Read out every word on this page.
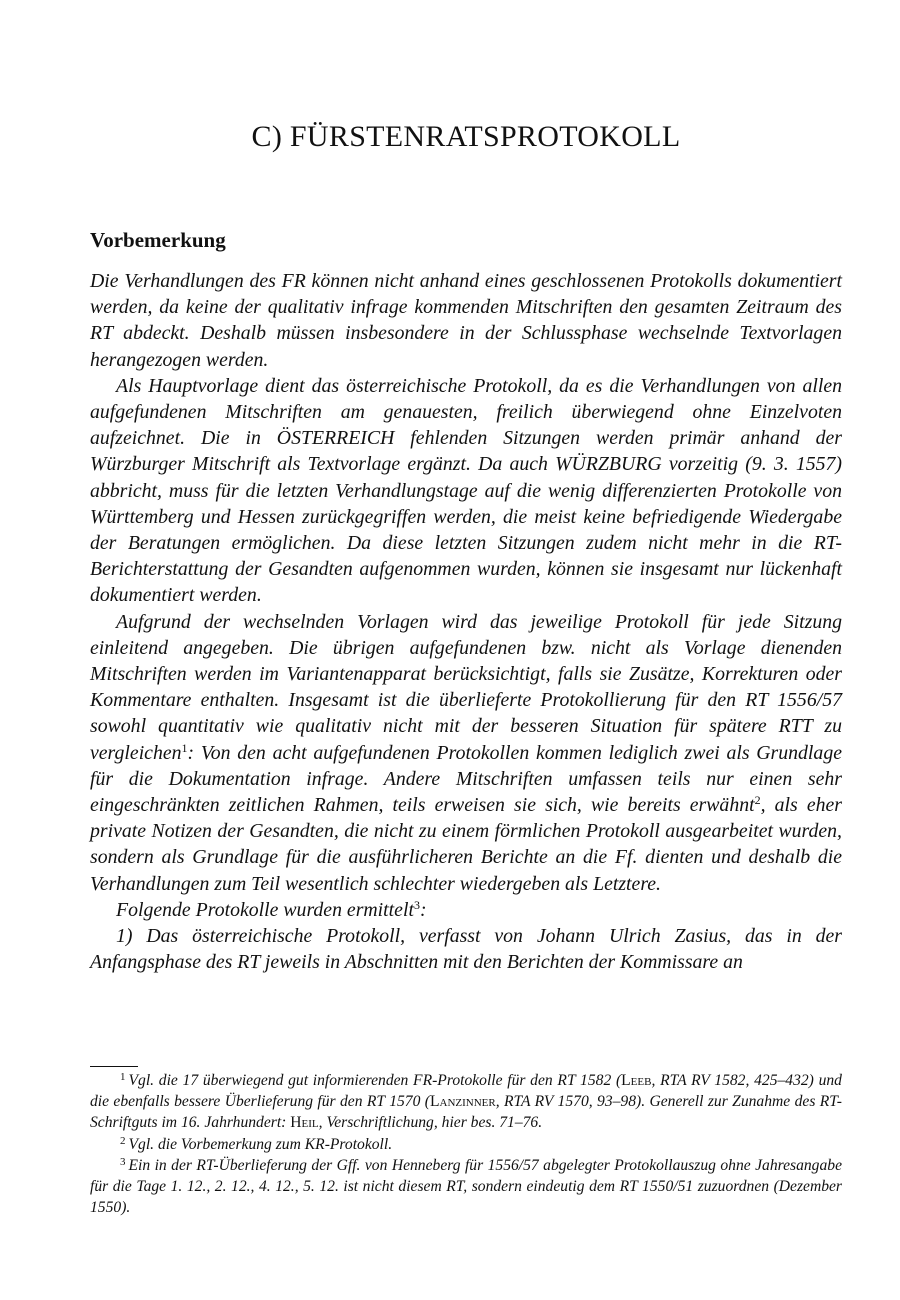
C) FÜRSTENRATSPROTOKOLL
Vorbemerkung

Die Verhandlungen des FR können nicht anhand eines geschlossenen Protokolls dokumentiert werden, da keine der qualitativ infrage kommenden Mitschriften den gesamten Zeitraum des RT abdeckt. Deshalb müssen insbesondere in der Schlussphase wechselnde Textvorlagen herangezogen werden.

Als Hauptvorlage dient das österreichische Protokoll, da es die Verhandlungen von allen aufgefundenen Mitschriften am genauesten, freilich überwiegend ohne Einzelvoten aufzeichnet. Die in ÖSTERREICH fehlenden Sitzungen werden primär anhand der Würzburger Mitschrift als Textvorlage ergänzt. Da auch WÜRZBURG vorzeitig (9. 3. 1557) abbricht, muss für die letzten Verhandlungstage auf die wenig differenzierten Protokolle von Württemberg und Hessen zurückgegriffen werden, die meist keine befriedigende Wiedergabe der Beratungen ermöglichen. Da diese letzten Sitzungen zudem nicht mehr in die RT-Berichterstattung der Gesandten aufgenommen wurden, können sie insgesamt nur lückenhaft dokumentiert werden.

Aufgrund der wechselnden Vorlagen wird das jeweilige Protokoll für jede Sitzung einleitend angegeben. Die übrigen aufgefundenen bzw. nicht als Vorlage dienenden Mitschriften werden im Variantenapparat berücksichtigt, falls sie Zusätze, Korrekturen oder Kommentare enthalten. Insgesamt ist die überlieferte Protokollierung für den RT 1556/57 sowohl quantitativ wie qualitativ nicht mit der besseren Situation für spätere RTT zu vergleichen$^1$: Von den acht aufgefundenen Protokollen kommen lediglich zwei als Grundlage für die Dokumentation infrage. Andere Mitschriften umfassen teils nur einen sehr eingeschränkten zeitlichen Rahmen, teils erweisen sie sich, wie bereits erwähnt$^2$, als eher private Notizen der Gesandten, die nicht zu einem förmlichen Protokoll ausgearbeitet wurden, sondern als Grundlage für die ausführlicheren Berichte an die Ff. dienten und deshalb die Verhandlungen zum Teil wesentlich schlechter wiedergeben als Letztere.

Folgende Protokolle wurden ermittelt$^3$:

1) Das österreichische Protokoll, verfasst von Johann Ulrich Zasius, das in der Anfangsphase des RT jeweils in Abschnitten mit den Berichten der Kommissare an

$^1$ Vgl. die 17 überwiegend gut informierenden FR-Protokolle für den RT 1582 (Leeb, RTA RV 1582, 425–432) und die ebenfalls bessere Überlieferung für den RT 1570 (Lanzinner, RTA RV 1570, 93–98). Generell zur Zunahme des RT-Schriftguts im 16. Jahrhundert: Heil, Verschriftlichung, hier bes. 71–76.

$^2$ Vgl. die Vorbemerkung zum KR-Protokoll.

$^3$ Ein in der RT-Überlieferung der Gff. von Henneberg für 1556/57 abgelegter Protokollauszug ohne Jahresangabe für die Tage 1. 12., 2. 12., 4. 12., 5. 12. ist nicht diesem RT, sondern eindeutig dem RT 1550/51 zuzuordnen (Dezember 1550).
